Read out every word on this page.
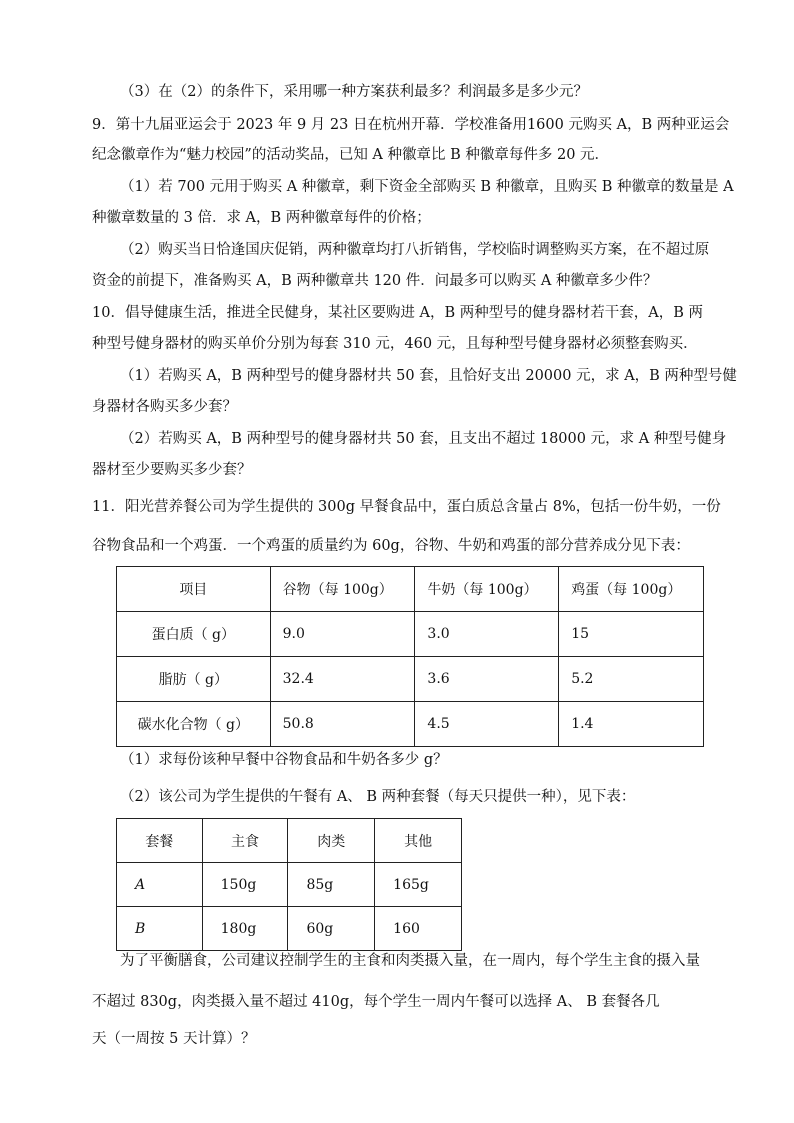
（3）在（2）的条件下，采用哪一种方案获利最多？利润最多是多少元？
9．第十九届亚运会于 2023 年 9 月 23 日在杭州开幕．学校准备用1600 元购买 A，B 两种亚运会
纪念徽章作为“魅力校园”的活动奖品，已知 A 种徽章比 B 种徽章每件多 20 元．
（1）若 700 元用于购买 A 种徽章，剩下资金全部购买 B 种徽章，且购买 B 种徽章的数量是 A
种徽章数量的 3 倍．求 A，B 两种徽章每件的价格；
（2）购买当日恰逢国庆促销，两种徽章均打八折销售，学校临时调整购买方案，在不超过原
资金的前提下，准备购买 A，B 两种徽章共 120 件．问最多可以购买 A 种徽章多少件？
10．倡导健康生活，推进全民健身，某社区要购进 A，B 两种型号的健身器材若干套，A，B 两
种型号健身器材的购买单价分别为每套 310 元，460 元，且每种型号健身器材必须整套购买．
（1）若购买 A，B 两种型号的健身器材共 50 套，且恰好支出 20000 元，求 A，B 两种型号健
身器材各购买多少套？
（2）若购买 A，B 两种型号的健身器材共 50 套，且支出不超过 18000 元，求 A 种型号健身
器材至少要购买多少套？
11．阳光营养餐公司为学生提供的 300g 早餐食品中，蛋白质总含量占 8%，包括一份牛奶，一份
谷物食品和一个鸡蛋．一个鸡蛋的质量约为 60g，谷物、牛奶和鸡蛋的部分营养成分见下表：
项目	谷物（每 100g）	牛奶（每 100g）	鸡蛋（每 100g）
蛋白质（ g）	9.0	3.0	15
脂肪（ g）	32.4	3.6	5.2
碳水化合物（ g）	50.8	4.5	1.4
（1）求每份该种早餐中谷物食品和牛奶各多少 g？
（2）该公司为学生提供的午餐有 A、 B 两种套餐（每天只提供一种），见下表：
套餐	主食	肉类	其他
A	150g	85g	165g
B	180g	60g	160
为了平衡膳食，公司建议控制学生的主食和肉类摄入量，在一周内，每个学生主食的摄入量
不超过 830g，肉类摄入量不超过 410g，每个学生一周内午餐可以选择 A、 B 套餐各几
天（一周按 5 天计算）？
